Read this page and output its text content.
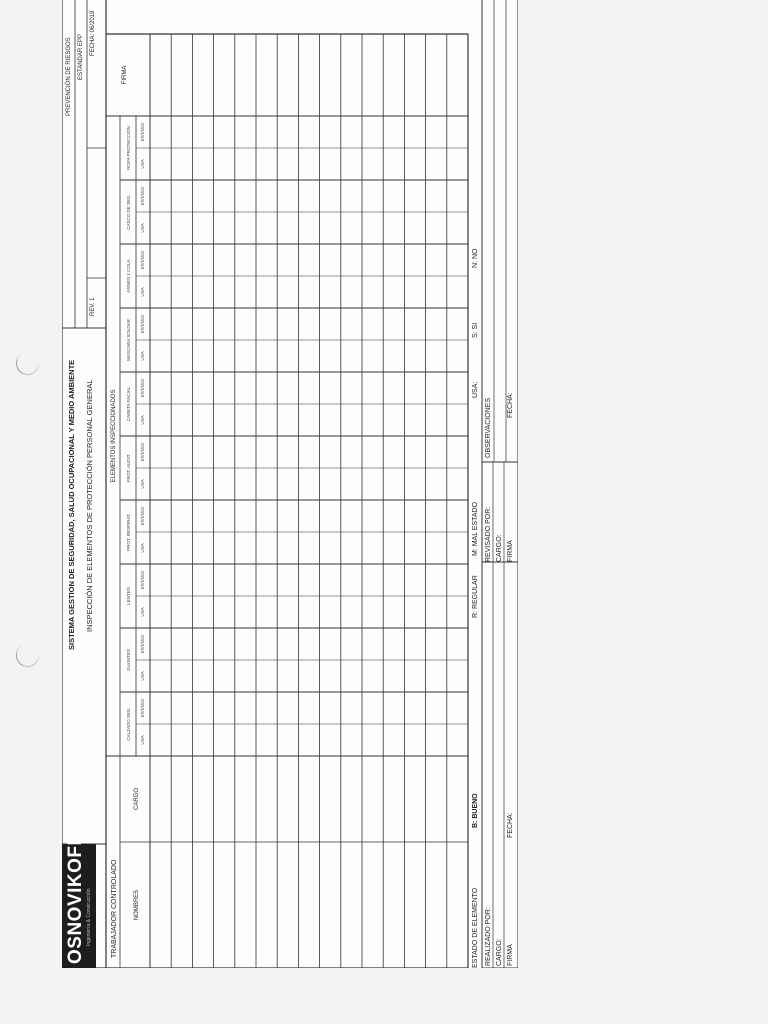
OSNOVIKOFF Ingeniería & Construcción
SISTEMA GESTION DE SEGURIDAD, SALUD OCUPACIONAL Y MEDIO AMBIENTE INSPECCIÓN DE ELEMENTOS DE PROTECCIÓN PERSONAL GENERAL
PREVENCIÓN DE RIESGOS ESTANDAR EPP
REV. 1
FECHA: 06/2019
TRABAJADOR CONTROLADO	NOMBRES
CARGO
ELEMENTOS INSPECCIONADOS
FIRMA
CALZADO SEG. USA
ESTADO
GUANTES
USA
ESTADO
LENTES
USA
ESTADO
PROT. RESPIRAT. USA
ESTADO
PROT. AUDIT.
USA
ESTADO
CARETA FACIAL USA
ESTADO
MASCARA SOLDAR USA
ESTADO
ARNES Y COLA USA
ESTADO
CASCO DE SEG. USA
ESTADO
ROPA PROTECCIÓN USA
ESTADO
ESTADO DE ELEMENTO
B: BUENO
R: REGULAR
M: MAL ESTADO
USA:
S: SI
N: NO
REALIZADO POR: CARGO: FIRMA
FECHA:
REVISADO POR: CARGO: FIRMA
FECHA:
OBSERVACIONES
